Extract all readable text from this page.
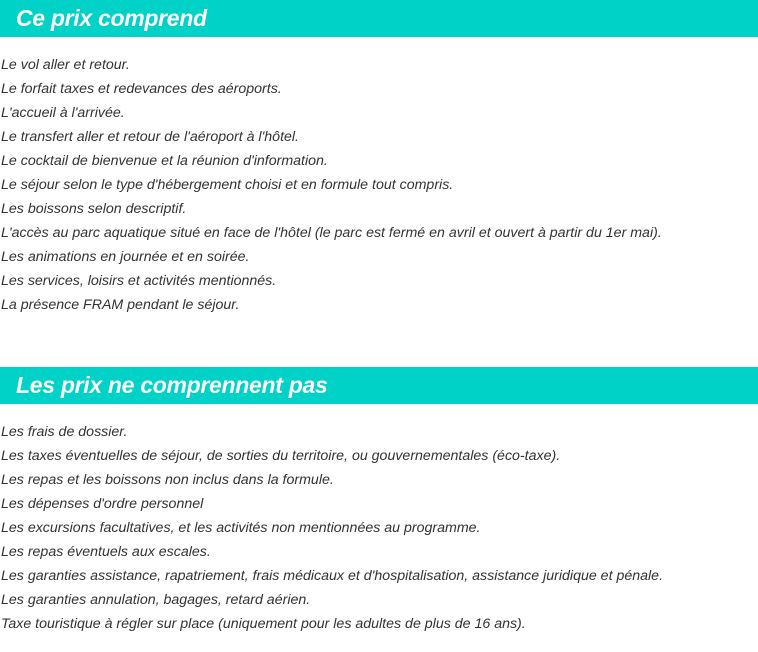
Ce prix comprend
Le vol aller et retour.
Le forfait taxes et redevances des aéroports.
L'accueil à l'arrivée.
Le transfert aller et retour de l'aéroport à l'hôtel.
Le cocktail de bienvenue et la réunion d'information.
Le séjour selon le type d'hébergement choisi et en formule tout compris.
Les boissons selon descriptif.
L'accès au parc aquatique situé en face de l'hôtel (le parc est fermé en avril et ouvert à partir du 1er mai).
Les animations en journée et en soirée.
Les services, loisirs et activités mentionnés.
La présence FRAM pendant le séjour.
Les prix ne comprennent pas
Les frais de dossier.
Les taxes éventuelles de séjour, de sorties du territoire, ou gouvernementales (éco-taxe).
Les repas et les boissons non inclus dans la formule.
Les dépenses d'ordre personnel
Les excursions facultatives, et les activités non mentionnées au programme.
Les repas éventuels aux escales.
Les garanties assistance, rapatriement, frais médicaux et d'hospitalisation, assistance juridique et pénale.
Les garanties annulation, bagages, retard aérien.
Taxe touristique à régler sur place (uniquement pour les adultes de plus de 16 ans).
